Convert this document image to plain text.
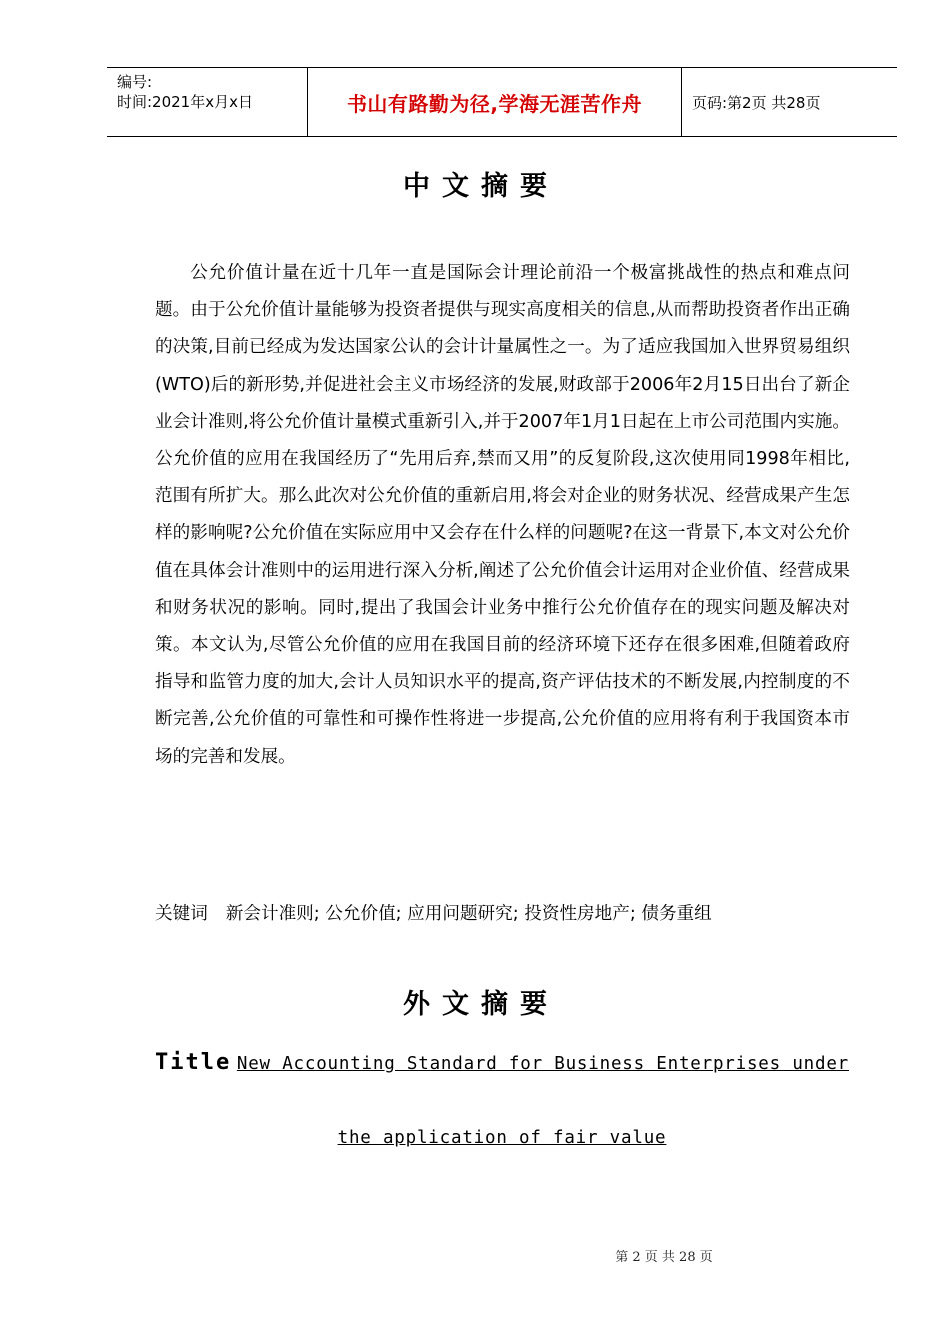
编号:
时间:2021年x月x日	书山有路勤为径,学海无涯苦作舟	页码:第2页 共28页
中文摘要

公允价值计量在近十几年一直是国际会计理论前沿一个极富挑战性的热点和难点问题。由于公允价值计量能够为投资者提供与现实高度相关的信息,从而帮助投资者作出正确的决策,目前已经成为发达国家公认的会计计量属性之一。为了适应我国加入世界贸易组织(WTO)后的新形势,并促进社会主义市场经济的发展,财政部于2006年2月15日出台了新企业会计准则,将公允价值计量模式重新引入,并于2007年1月1日起在上市公司范围内实施。公允价值的应用在我国经历了“先用后弃,禁而又用”的反复阶段,这次使用同1998年相比,范围有所扩大。那么此次对公允价值的重新启用,将会对企业的财务状况、经营成果产生怎样的影响呢?公允价值在实际应用中又会存在什么样的问题呢?在这一背景下,本文对公允价值在具体会计准则中的运用进行深入分析,阐述了公允价值会计运用对企业价值、经营成果和财务状况的影响。同时,提出了我国会计业务中推行公允价值存在的现实问题及解决对策。本文认为,尽管公允价值的应用在我国目前的经济环境下还存在很多困难,但随着政府指导和监管力度的加大,会计人员知识水平的提高,资产评估技术的不断发展,内控制度的不断完善,公允价值的可靠性和可操作性将进一步提高,公允价值的应用将有利于我国资本市场的完善和发展。

关键词 新会计准则; 公允价值; 应用问题研究; 投资性房地产; 债务重组
外文摘要
Title New Accounting Standard for Business Enterprises under
the application of fair value
第 2 页 共 28 页
